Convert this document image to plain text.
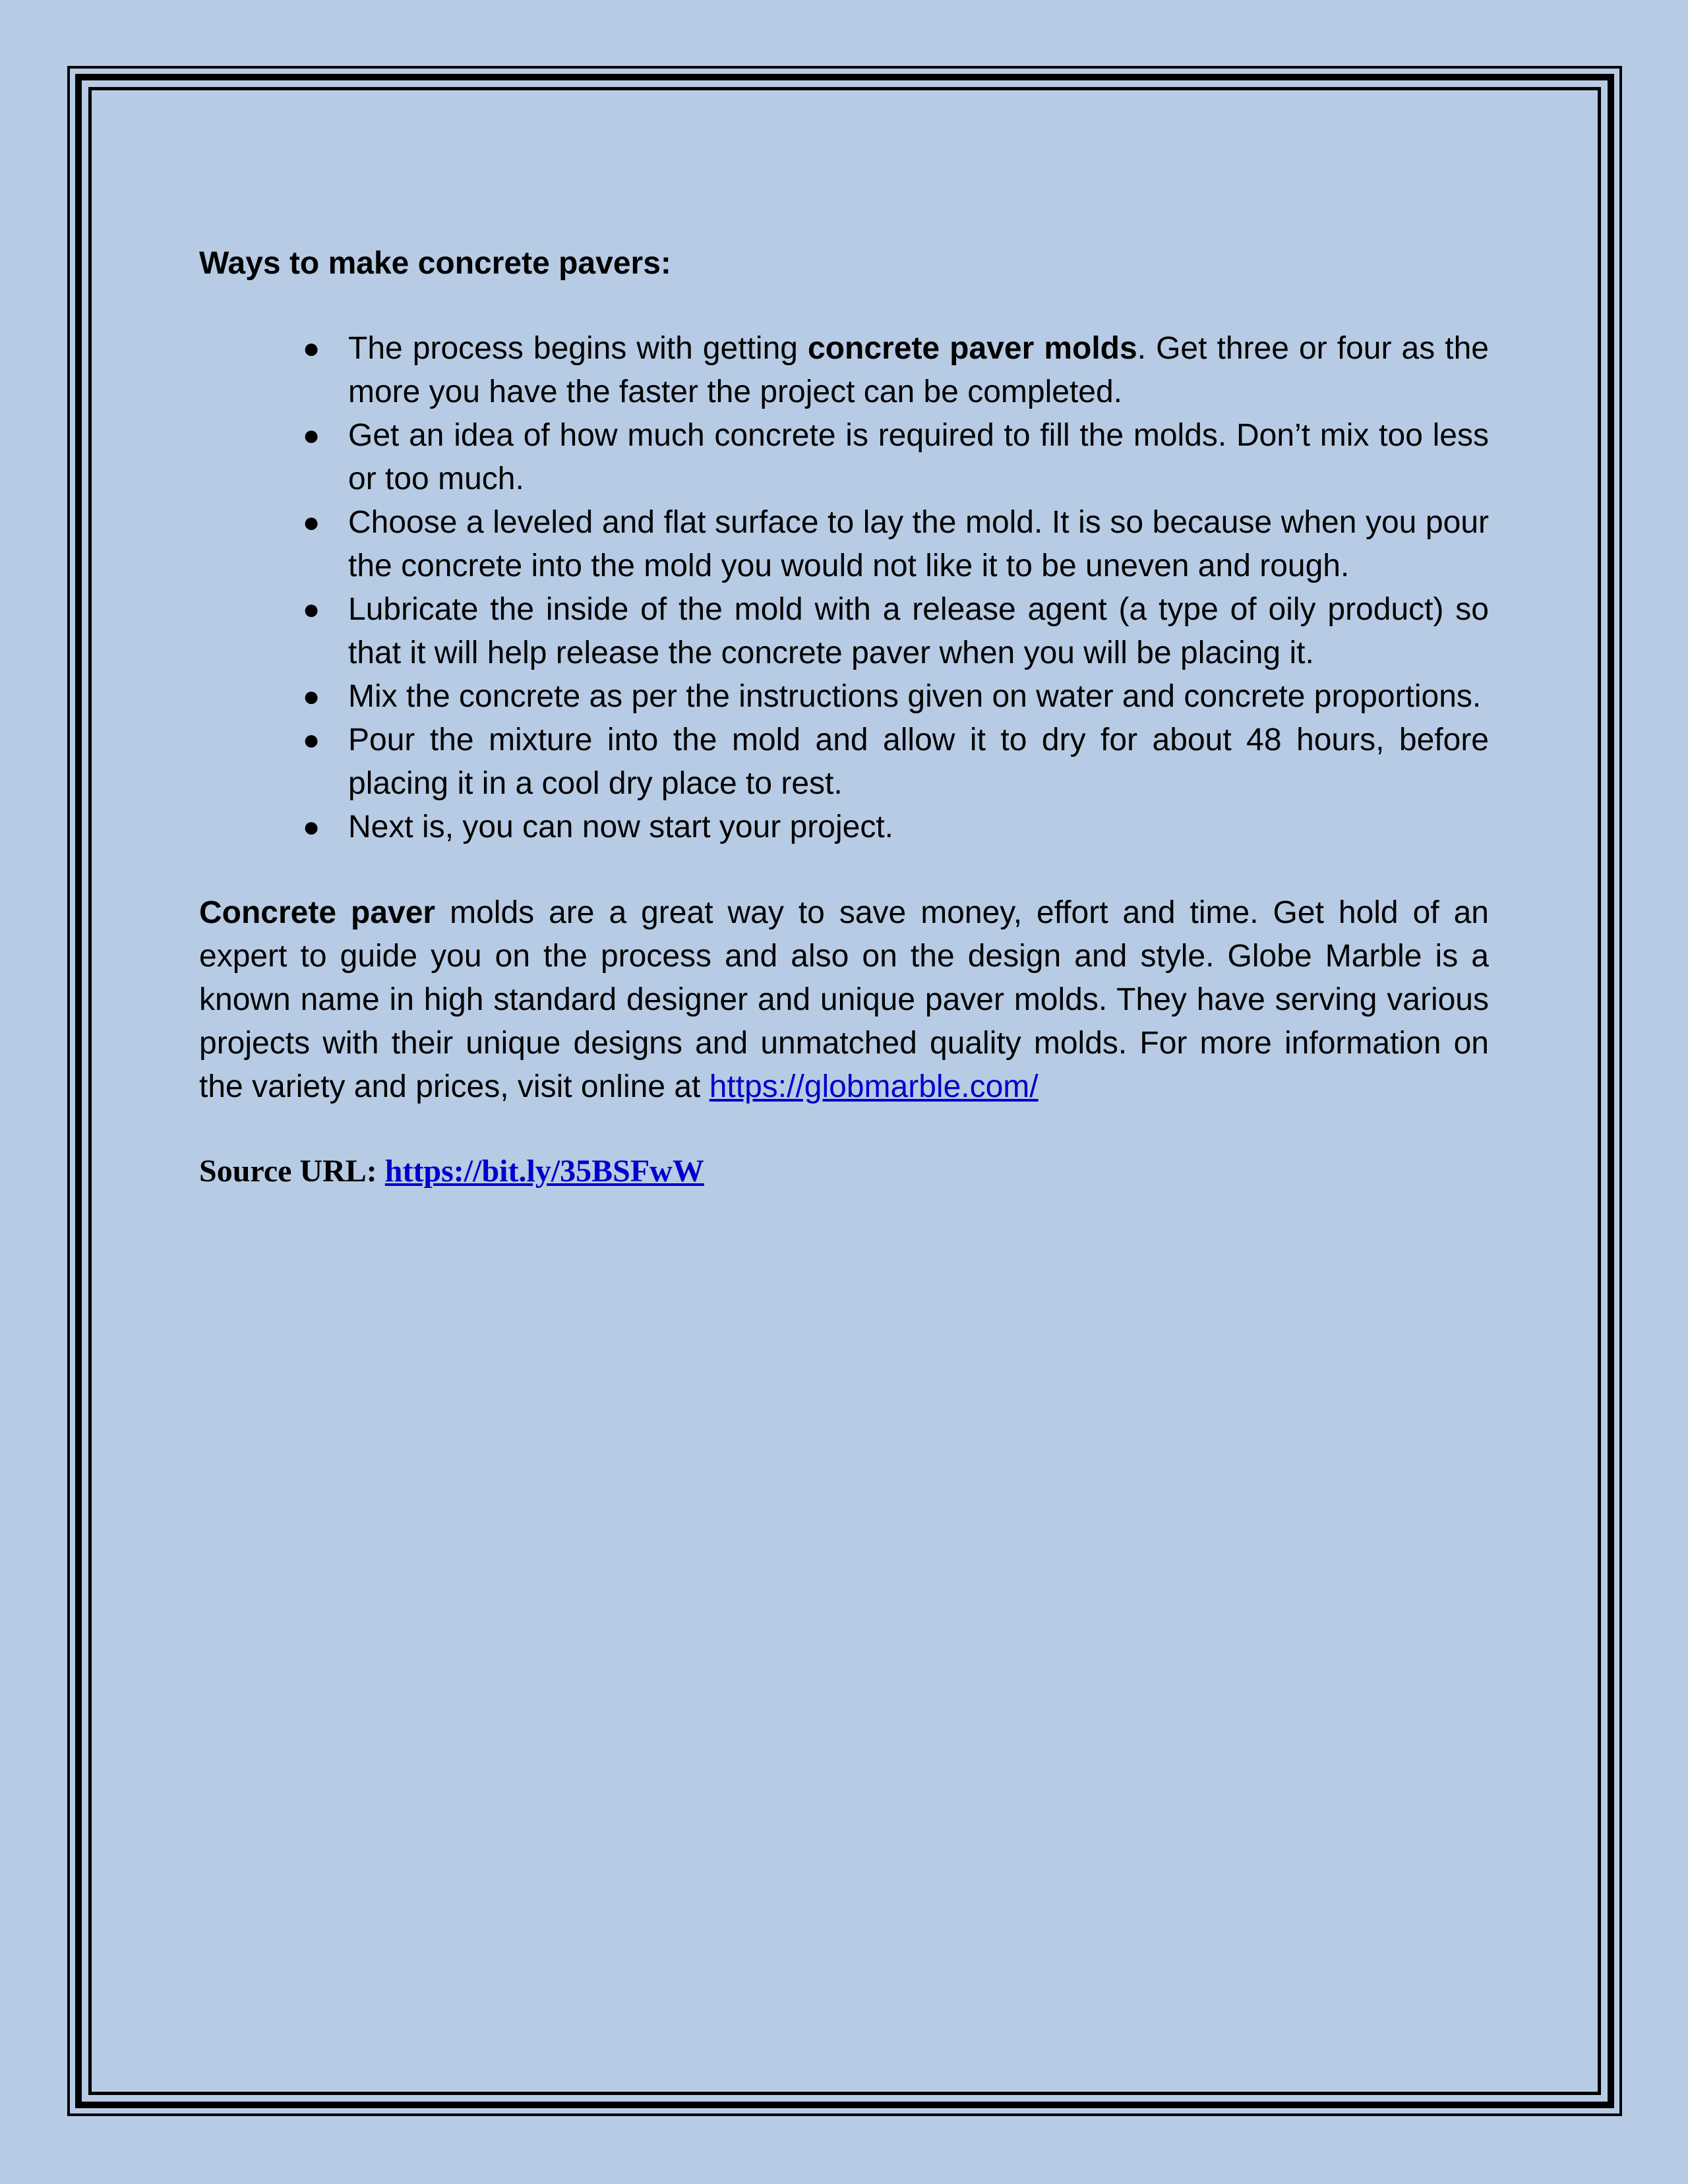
Ways to make concrete pavers:
● The process begins with getting concrete paver molds. Get three or four as the more you have the faster the project can be completed.
● Get an idea of how much concrete is required to fill the molds. Don’t mix too less or too much.
● Choose a leveled and flat surface to lay the mold. It is so because when you pour the concrete into the mold you would not like it to be uneven and rough.
● Lubricate the inside of the mold with a release agent (a type of oily product) so that it will help release the concrete paver when you will be placing it.
● Mix the concrete as per the instructions given on water and concrete proportions.
● Pour the mixture into the mold and allow it to dry for about 48 hours, before placing it in a cool dry place to rest.
● Next is, you can now start your project.

Concrete paver molds are a great way to save money, effort and time. Get hold of an expert to guide you on the process and also on the design and style. Globe Marble is a known name in high standard designer and unique paver molds. They have serving various projects with their unique designs and unmatched quality molds. For more information on the variety and prices, visit online at https://globmarble.com/

Source URL: https://bit.ly/35BSFwW
